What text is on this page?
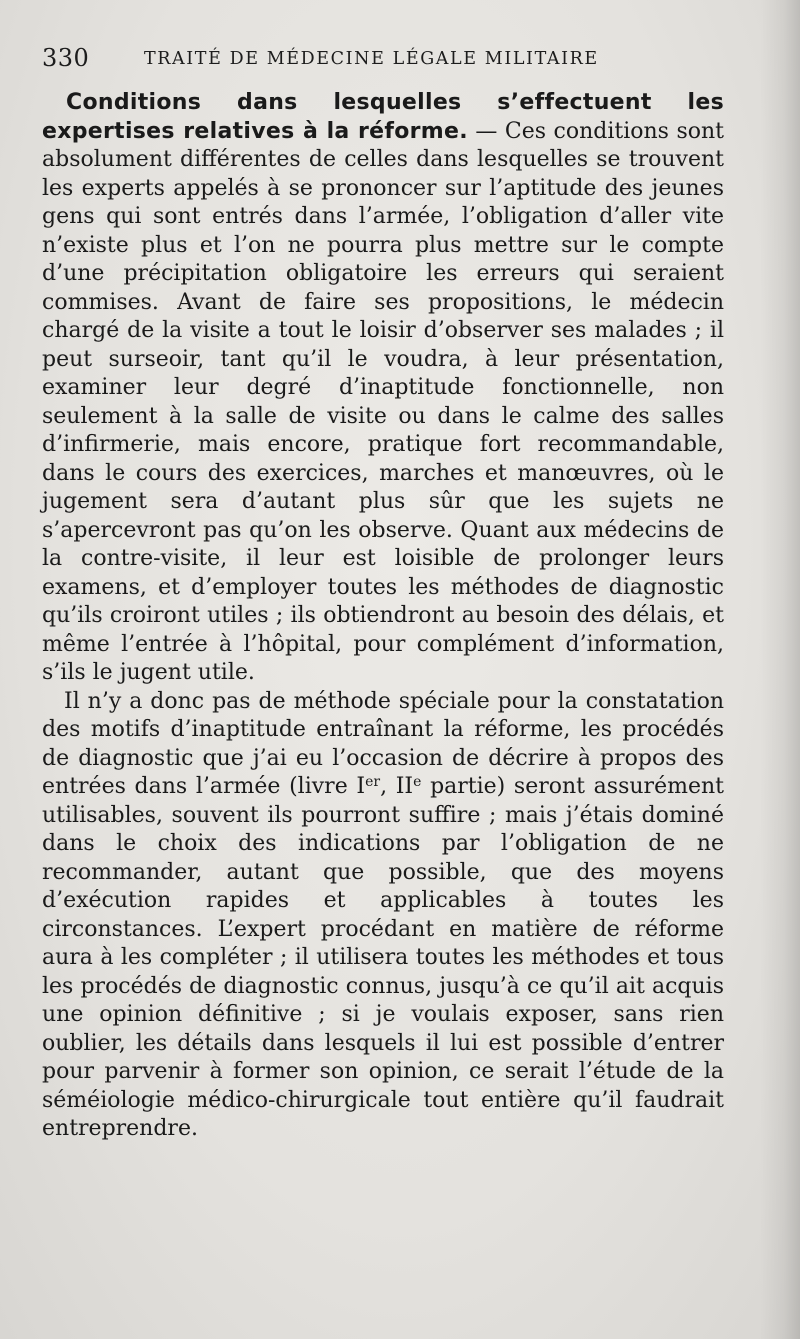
330	TRAITÉ DE MÉDECINE LÉGALE MILITAIRE

Conditions dans lesquelles s’effectuent les expertises relatives à la réforme. — Ces conditions sont absolument différentes de celles dans lesquelles se trouvent les experts appelés à se prononcer sur l’aptitude des jeunes gens qui sont entrés dans l’armée, l’obligation d’aller vite n’existe plus et l’on ne pourra plus mettre sur le compte d’une précipitation obligatoire les erreurs qui seraient commises. Avant de faire ses propositions, le médecin chargé de la visite a tout le loisir d’observer ses malades ; il peut surseoir, tant qu’il le voudra, à leur présentation, examiner leur degré d’inaptitude fonctionnelle, non seulement à la salle de visite ou dans le calme des salles d’infirmerie, mais encore, pratique fort recommandable, dans le cours des exercices, marches et manœuvres, où le jugement sera d’autant plus sûr que les sujets ne s’apercevront pas qu’on les observe. Quant aux médecins de la contre-visite, il leur est loisible de prolonger leurs examens, et d’employer toutes les méthodes de diagnostic qu’ils croiront utiles ; ils obtiendront au besoin des délais, et même l’entrée à l’hôpital, pour complément d’information, s’ils le jugent utile.

Il n’y a donc pas de méthode spéciale pour la constatation des motifs d’inaptitude entraînant la réforme, les procédés de diagnostic que j’ai eu l’occasion de décrire à propos des entrées dans l’armée (livre Ier, IIe partie) seront assurément utilisables, souvent ils pourront suffire ; mais j’étais dominé dans le choix des indications par l’obligation de ne recommander, autant que possible, que des moyens d’exécution rapides et applicables à toutes les circonstances. L’expert procédant en matière de réforme aura à les compléter ; il utilisera toutes les méthodes et tous les procédés de diagnostic connus, jusqu’à ce qu’il ait acquis une opinion définitive ; si je voulais exposer, sans rien oublier, les détails dans lesquels il lui est possible d’entrer pour parvenir à former son opinion, ce serait l’étude de la séméiologie médico-chirurgicale tout entière qu’il faudrait entreprendre.
